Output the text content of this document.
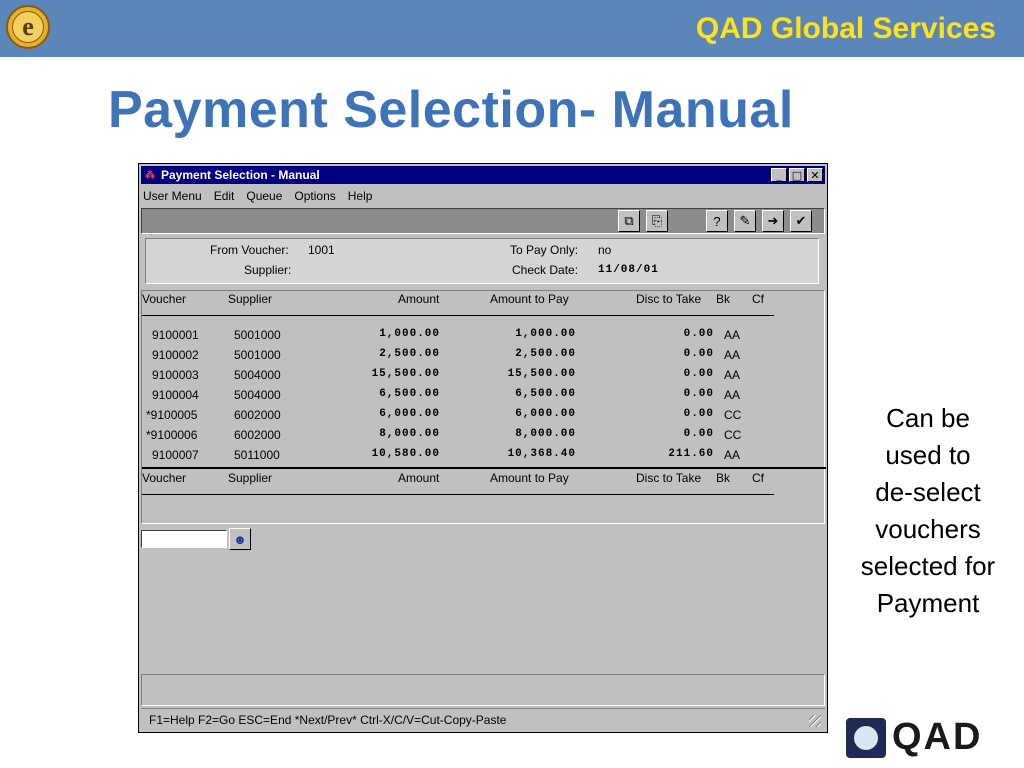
e	QAD Global Services
Payment Selection- Manual
⁂ Payment Selection - Manual	_ □ ✕
User Menu Edit Queue Options Help
⧉	⎘	?	✎	➜	✔
From Voucher: 1001
Supplier:
To Pay Only: no
Check Date: 11/08/01
Voucher	Supplier	Amount	Amount to Pay	Disc to Take Bk Cf
9100001	5001000	1,000.00	1,000.00	0.00 AA
9100002	5001000	2,500.00	2,500.00	0.00 AA
9100003	5004000	15,500.00	15,500.00	0.00 AA
9100004	5004000	6,500.00	6,500.00	0.00 AA
*9100005	6002000	6,000.00	6,000.00	0.00 CC
*9100006	6002000	8,000.00	8,000.00	0.00 CC
9100007	5011000	10,580.00	10,368.40	211.60 AA
Voucher	Supplier	Amount	Amount to Pay	Disc to Take Bk Cf
☻
F1=Help F2=Go ESC=End *Next/Prev* Ctrl-X/C/V=Cut-Copy-Paste
Can be
used to
de-select
vouchers
selected for
Payment
QAD
